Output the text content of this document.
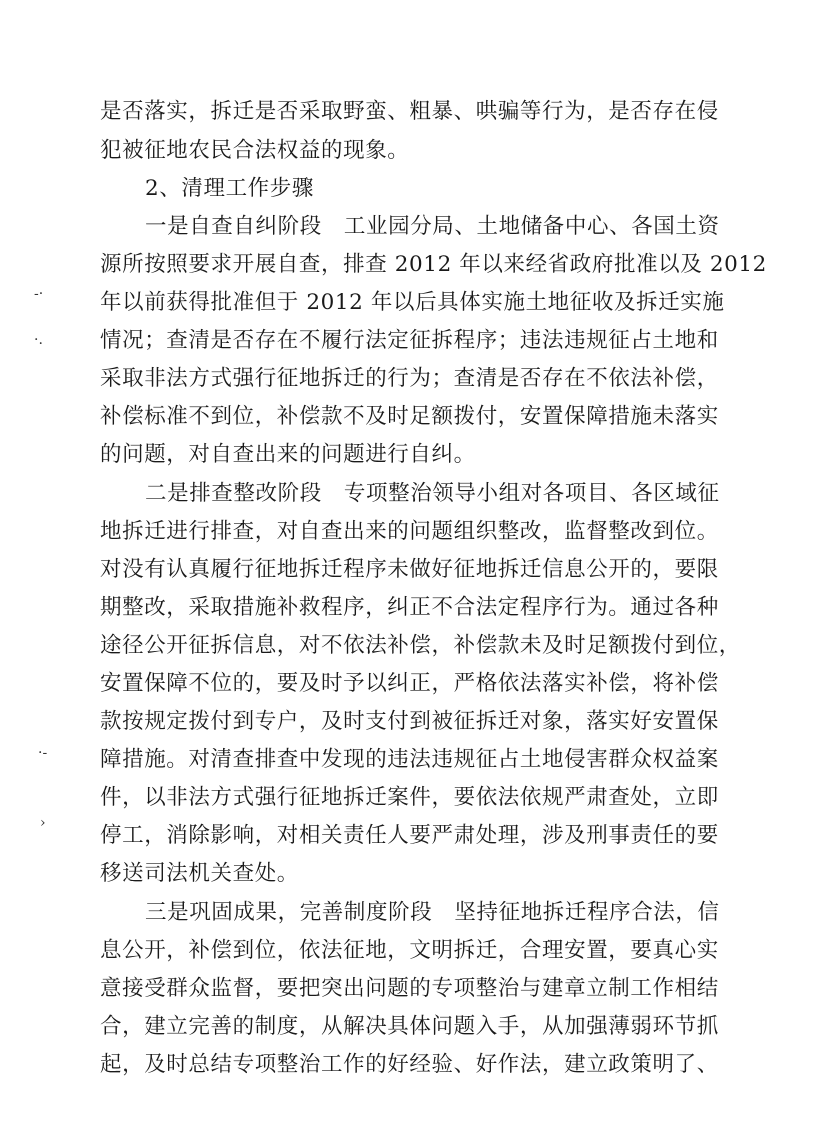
是否落实，拆迁是否采取野蛮、粗暴、哄骗等行为，是否存在侵
犯被征地农民合法权益的现象。
2、清理工作步骤
一是自查自纠阶段　工业园分局、土地储备中心、各国土资
源所按照要求开展自查，排查 2012 年以来经省政府批准以及 2012
年以前获得批准但于 2012 年以后具体实施土地征收及拆迁实施
情况；查清是否存在不履行法定征拆程序；违法违规征占土地和
采取非法方式强行征地拆迁的行为；查清是否存在不依法补偿，
补偿标准不到位，补偿款不及时足额拨付，安置保障措施未落实
的问题，对自查出来的问题进行自纠。
二是排查整改阶段　专项整治领导小组对各项目、各区域征
地拆迁进行排查，对自查出来的问题组织整改，监督整改到位。
对没有认真履行征地拆迁程序未做好征地拆迁信息公开的，要限
期整改，采取措施补救程序，纠正不合法定程序行为。通过各种
途径公开征拆信息，对不依法补偿，补偿款未及时足额拨付到位，
安置保障不位的，要及时予以纠正，严格依法落实补偿，将补偿
款按规定拨付到专户，及时支付到被征拆迁对象，落实好安置保
障措施。对清查排查中发现的违法违规征占土地侵害群众权益案
件，以非法方式强行征地拆迁案件，要依法依规严肃查处，立即
停工，消除影响，对相关责任人要严肃处理，涉及刑事责任的要
移送司法机关查处。
三是巩固成果，完善制度阶段　坚持征地拆迁程序合法，信
息公开，补偿到位，依法征地，文明拆迁，合理安置，要真心实
意接受群众监督，要把突出问题的专项整治与建章立制工作相结
合，建立完善的制度，从解决具体问题入手，从加强薄弱环节抓
起，及时总结专项整治工作的好经验、好作法，建立政策明了、
-·
·.
·-
›
